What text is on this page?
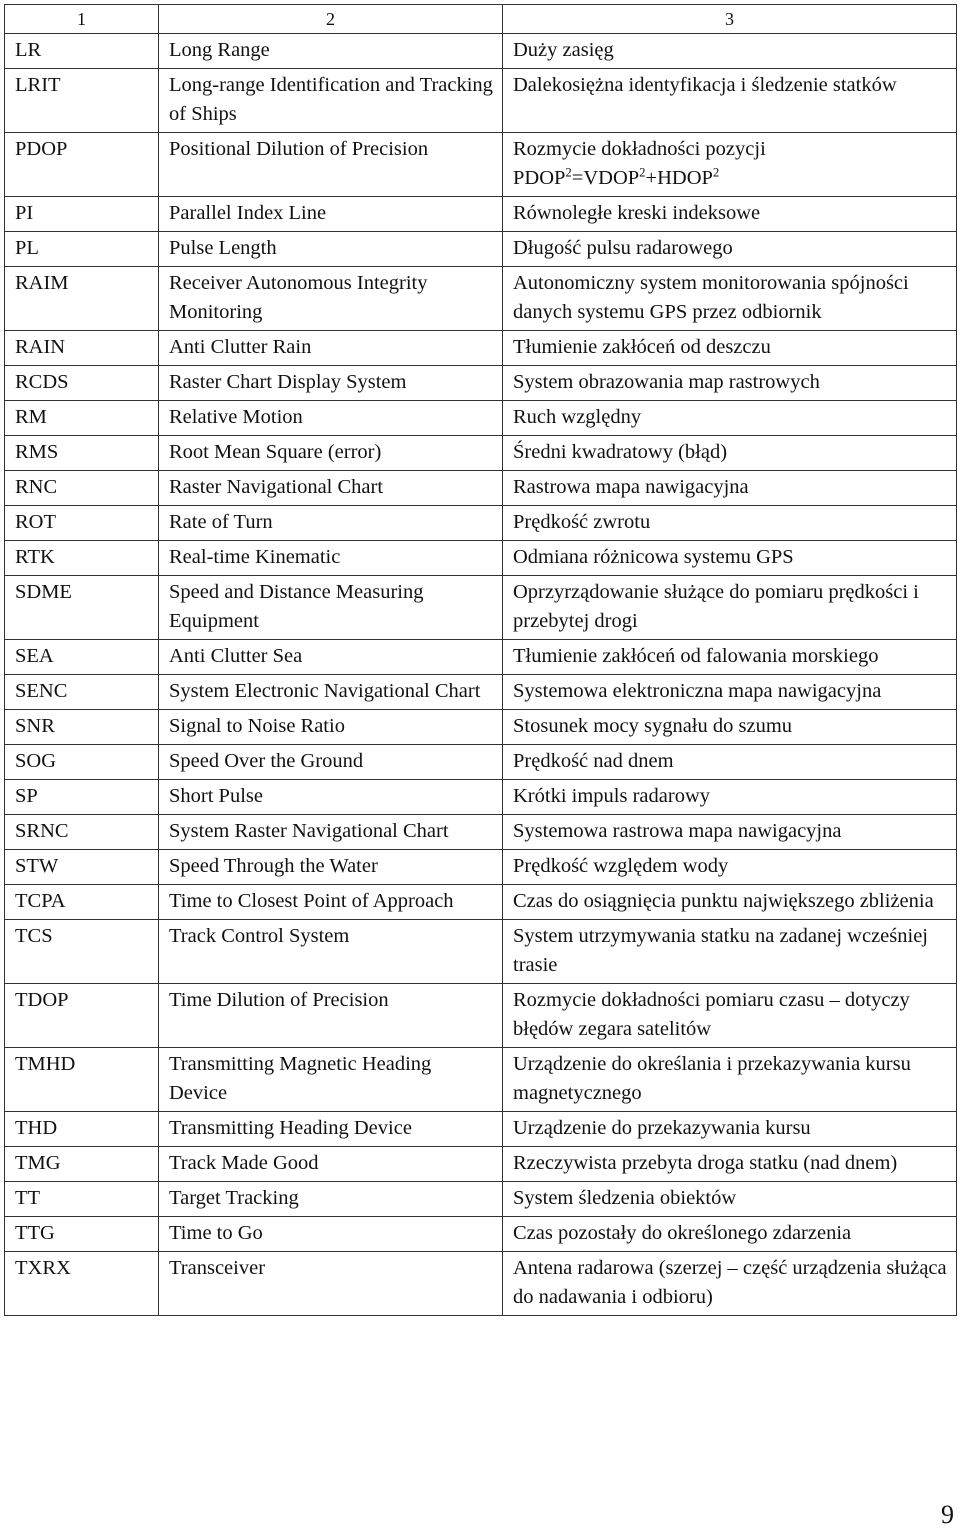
1	2	3
LR	Long Range	Duży zasięg
LRIT	Long-range Identification and Tracking of Ships	Dalekosiężna identyfikacja i śledzenie statków
PDOP	Positional Dilution of Precision	Rozmycie dokładności pozycji
$PDOP^2=VDOP^2+HDOP^2$

PI	Parallel Index Line	Równoległe kreski indeksowe
PL	Pulse Length	Długość pulsu radarowego
RAIM	Receiver Autonomous Integrity Monitoring	Autonomiczny system monitorowania spójności danych systemu GPS przez odbiornik
RAIN	Anti Clutter Rain	Tłumienie zakłóceń od deszczu
RCDS	Raster Chart Display System	System obrazowania map rastrowych
RM	Relative Motion	Ruch względny
RMS	Root Mean Square (error)	Średni kwadratowy (błąd)
RNC	Raster Navigational Chart	Rastrowa mapa nawigacyjna
ROT	Rate of Turn	Prędkość zwrotu
RTK	Real-time Kinematic	Odmiana różnicowa systemu GPS
SDME	Speed and Distance Measuring Equipment	Oprzyrządowanie służące do pomiaru prędkości i przebytej drogi
SEA	Anti Clutter Sea	Tłumienie zakłóceń od falowania morskiego
SENC	System Electronic Navigational Chart	Systemowa elektroniczna mapa nawigacyjna
SNR	Signal to Noise Ratio	Stosunek mocy sygnału do szumu
SOG	Speed Over the Ground	Prędkość nad dnem
SP	Short Pulse	Krótki impuls radarowy
SRNC	System Raster Navigational Chart	Systemowa rastrowa mapa nawigacyjna
STW	Speed Through the Water	Prędkość względem wody
TCPA	Time to Closest Point of Approach	Czas do osiągnięcia punktu największego zbliżenia
TCS	Track Control System	System utrzymywania statku na zadanej wcześniej trasie
TDOP	Time Dilution of Precision	Rozmycie dokładności pomiaru czasu – dotyczy błędów zegara satelitów
TMHD	Transmitting Magnetic Heading Device	Urządzenie do określania i przekazywania kursu magnetycznego
THD	Transmitting Heading Device	Urządzenie do przekazywania kursu
TMG	Track Made Good	Rzeczywista przebyta droga statku (nad dnem)
TT	Target Tracking	System śledzenia obiektów
TTG	Time to Go	Czas pozostały do określonego zdarzenia
TXRX	Transceiver	Antena radarowa (szerzej – część urządzenia służąca do nadawania i odbioru)
9
